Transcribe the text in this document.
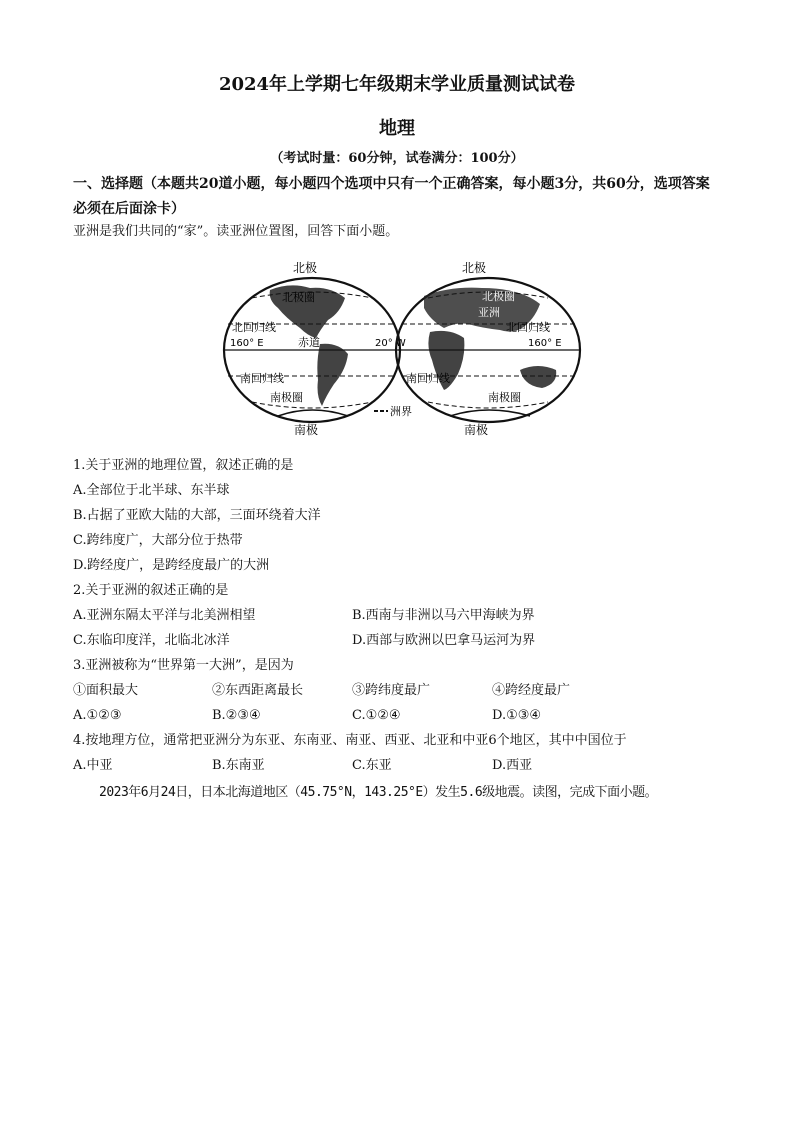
2024年上学期七年级期末学业质量测试试卷
地理
（考试时量：60分钟，试卷满分：100分）
一、选择题（本题共20道小题，每小题四个选项中只有一个正确答案，每小题3分，共60分，选项答案必须在后面涂卡）
亚洲是我们共同的“家”。读亚洲位置图，回答下面小题。
北极
北极圈
北回归线
160° E	赤道	20° W
南回归线
南极圈
南极
北极
北极圈
亚洲
北回归线
160° E
南回归线
南极圈
南极
洲界
1.关于亚洲的地理位置，叙述正确的是
A.全部位于北半球、东半球
B.占据了亚欧大陆的大部，三面环绕着大洋
C.跨纬度广，大部分位于热带
D.跨经度广，是跨经度最广的大洲
2.关于亚洲的叙述正确的是
A.亚洲东隔太平洋与北美洲相望	B.西南与非洲以马六甲海峡为界
C.东临印度洋，北临北冰洋	D.西部与欧洲以巴拿马运河为界
3.亚洲被称为“世界第一大洲”，是因为
①面积最大	②东西距离最长	③跨纬度最广	④跨经度最广
A.①②③	B.②③④	C.①②④	D.①③④
4.按地理方位，通常把亚洲分为东亚、东南亚、南亚、西亚、北亚和中亚6个地区，其中中国位于
A.中亚	B.东南亚	C.东亚	D.西亚
2023年6月24日，日本北海道地区（45.75°N，143.25°E）发生5.6级地震。读图，完成下面小题。
